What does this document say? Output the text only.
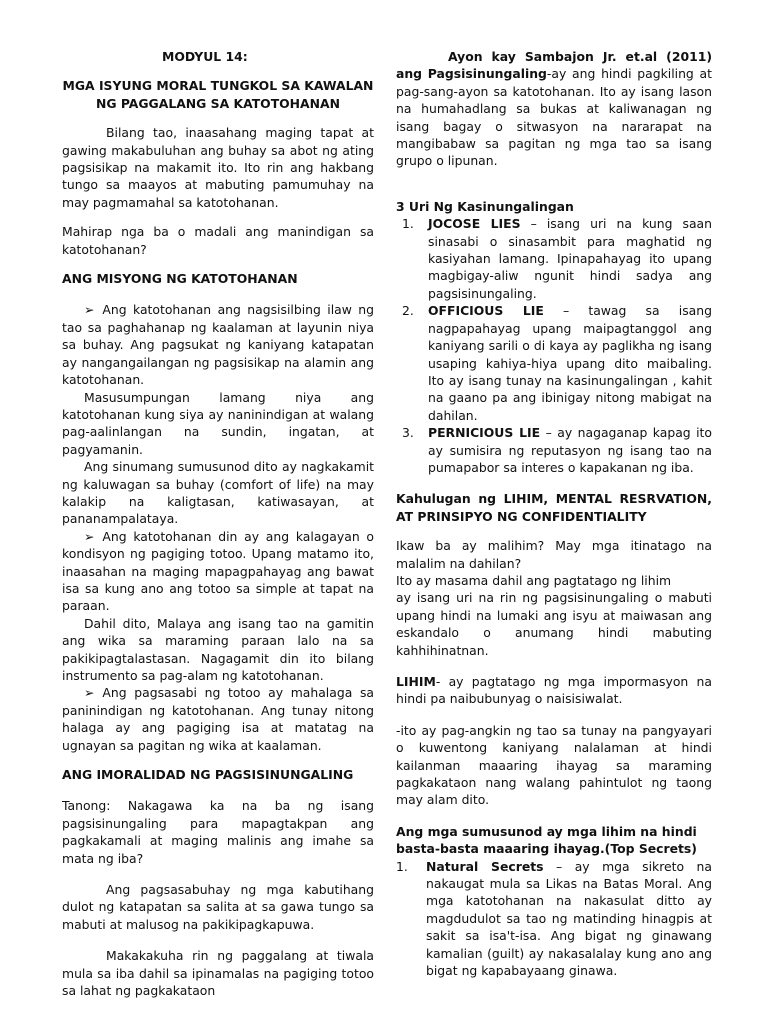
MODYUL 14:

MGA ISYUNG MORAL TUNGKOL SA KAWALAN NG PAGGALANG SA KATOTOHANAN

Bilang tao, inaasahang maging tapat at gawing makabuluhan ang buhay sa abot ng ating pagsisikap na makamit ito. Ito rin ang hakbang tungo sa maayos at mabuting pamumuhay na may pagmamahal sa katotohanan.

Mahirap nga ba o madali ang manindigan sa katotohanan?

ANG MISYONG NG KATOTOHANAN

➢ Ang katotohanan ang nagsisilbing ilaw ng tao sa paghahanap ng kaalaman at layunin niya sa buhay. Ang pagsukat ng kaniyang katapatan ay nangangailangan ng pagsisikap na alamin ang katotohanan.

Masusumpungan lamang niya ang katotohanan kung siya ay naninindigan at walang pag-aalinlangan na sundin, ingatan, at pagyamanin.

Ang sinumang sumusunod dito ay nagkakamit ng kaluwagan sa buhay (comfort of life) na may kalakip na kaligtasan, katiwasayan, at pananampalataya.

➢ Ang katotohanan din ay ang kalagayan o kondisyon ng pagiging totoo. Upang matamo ito, inaasahan na maging mapagpahayag ang bawat isa sa kung ano ang totoo sa simple at tapat na paraan.

Dahil dito, Malaya ang isang tao na gamitin ang wika sa maraming paraan lalo na sa pakikipagtalastasan. Nagagamit din ito bilang instrumento sa pag-alam ng katotohanan.

➢ Ang pagsasabi ng totoo ay mahalaga sa paninindigan ng katotohanan. Ang tunay nitong halaga ay ang pagiging isa at matatag na ugnayan sa pagitan ng wika at kaalaman.

ANG IMORALIDAD NG PAGSISINUNGALING

Tanong: Nakagawa ka na ba ng isang pagsisinungaling para mapagtakpan ang pagkakamali at maging malinis ang imahe sa mata ng iba?

Ang pagsasabuhay ng mga kabutihang dulot ng katapatan sa salita at sa gawa tungo sa mabuti at malusog na pakikipagkapuwa.

Makakakuha rin ng paggalang at tiwala mula sa iba dahil sa ipinamalas na pagiging totoo sa lahat ng pagkakataon

Ayon kay Sambajon Jr. et.al (2011) ang Pagsisinungaling-ay ang hindi pagkiling at pag-sang-ayon sa katotohanan. Ito ay isang lason na humahadlang sa bukas at kaliwanagan ng isang bagay o sitwasyon na nararapat na mangibabaw sa pagitan ng mga tao sa isang grupo o lipunan.

3 Uri Ng Kasinungalingan

1.	JOCOSE LIES – isang uri na kung saan sinasabi o sinasambit para maghatid ng kasiyahan lamang. Ipinapahayag ito upang magbigay-aliw ngunit hindi sadya ang pagsisinungaling.
2.	OFFICIOUS LIE – tawag sa isang nagpapahayag upang maipagtanggol ang kaniyang sarili o di kaya ay paglikha ng isang usaping kahiya-hiya upang dito maibaling. Ito ay isang tunay na kasinungalingan , kahit na gaano pa ang ibinigay nitong mabigat na dahilan.
3.	PERNICIOUS LIE – ay nagaganap kapag ito ay sumisira ng reputasyon ng isang tao na pumapabor sa interes o kapakanan ng iba.

Kahulugan ng LIHIM, MENTAL RESRVATION, AT PRINSIPYO NG CONFIDENTIALITY

Ikaw ba ay malihim? May mga itinatago na malalim na dahilan?

Ito ay masama dahil ang pagtatago ng lihim

ay isang uri na rin ng pagsisinungaling o mabuti upang hindi na lumaki ang isyu at maiwasan ang eskandalo o anumang hindi mabuting kahhihinatnan.

LIHIM- ay pagtatago ng mga impormasyon na hindi pa naibubunyag o naisisiwalat.

-ito ay pag-angkin ng tao sa tunay na pangyayari o kuwentong kaniyang nalalaman at hindi kailanman maaaring ihayag sa maraming pagkakataon nang walang pahintulot ng taong may alam dito.

Ang mga sumusunod ay mga lihim na hindi basta-basta maaaring ihayag.(Top Secrets)

1.	Natural Secrets – ay mga sikreto na nakaugat mula sa Likas na Batas Moral. Ang mga katotohanan na nakasulat ditto ay magdudulot sa tao ng matinding hinagpis at sakit sa isa't-isa. Ang bigat ng ginawang kamalian (guilt) ay nakasalalay kung ano ang bigat ng kapabayaang ginawa.
